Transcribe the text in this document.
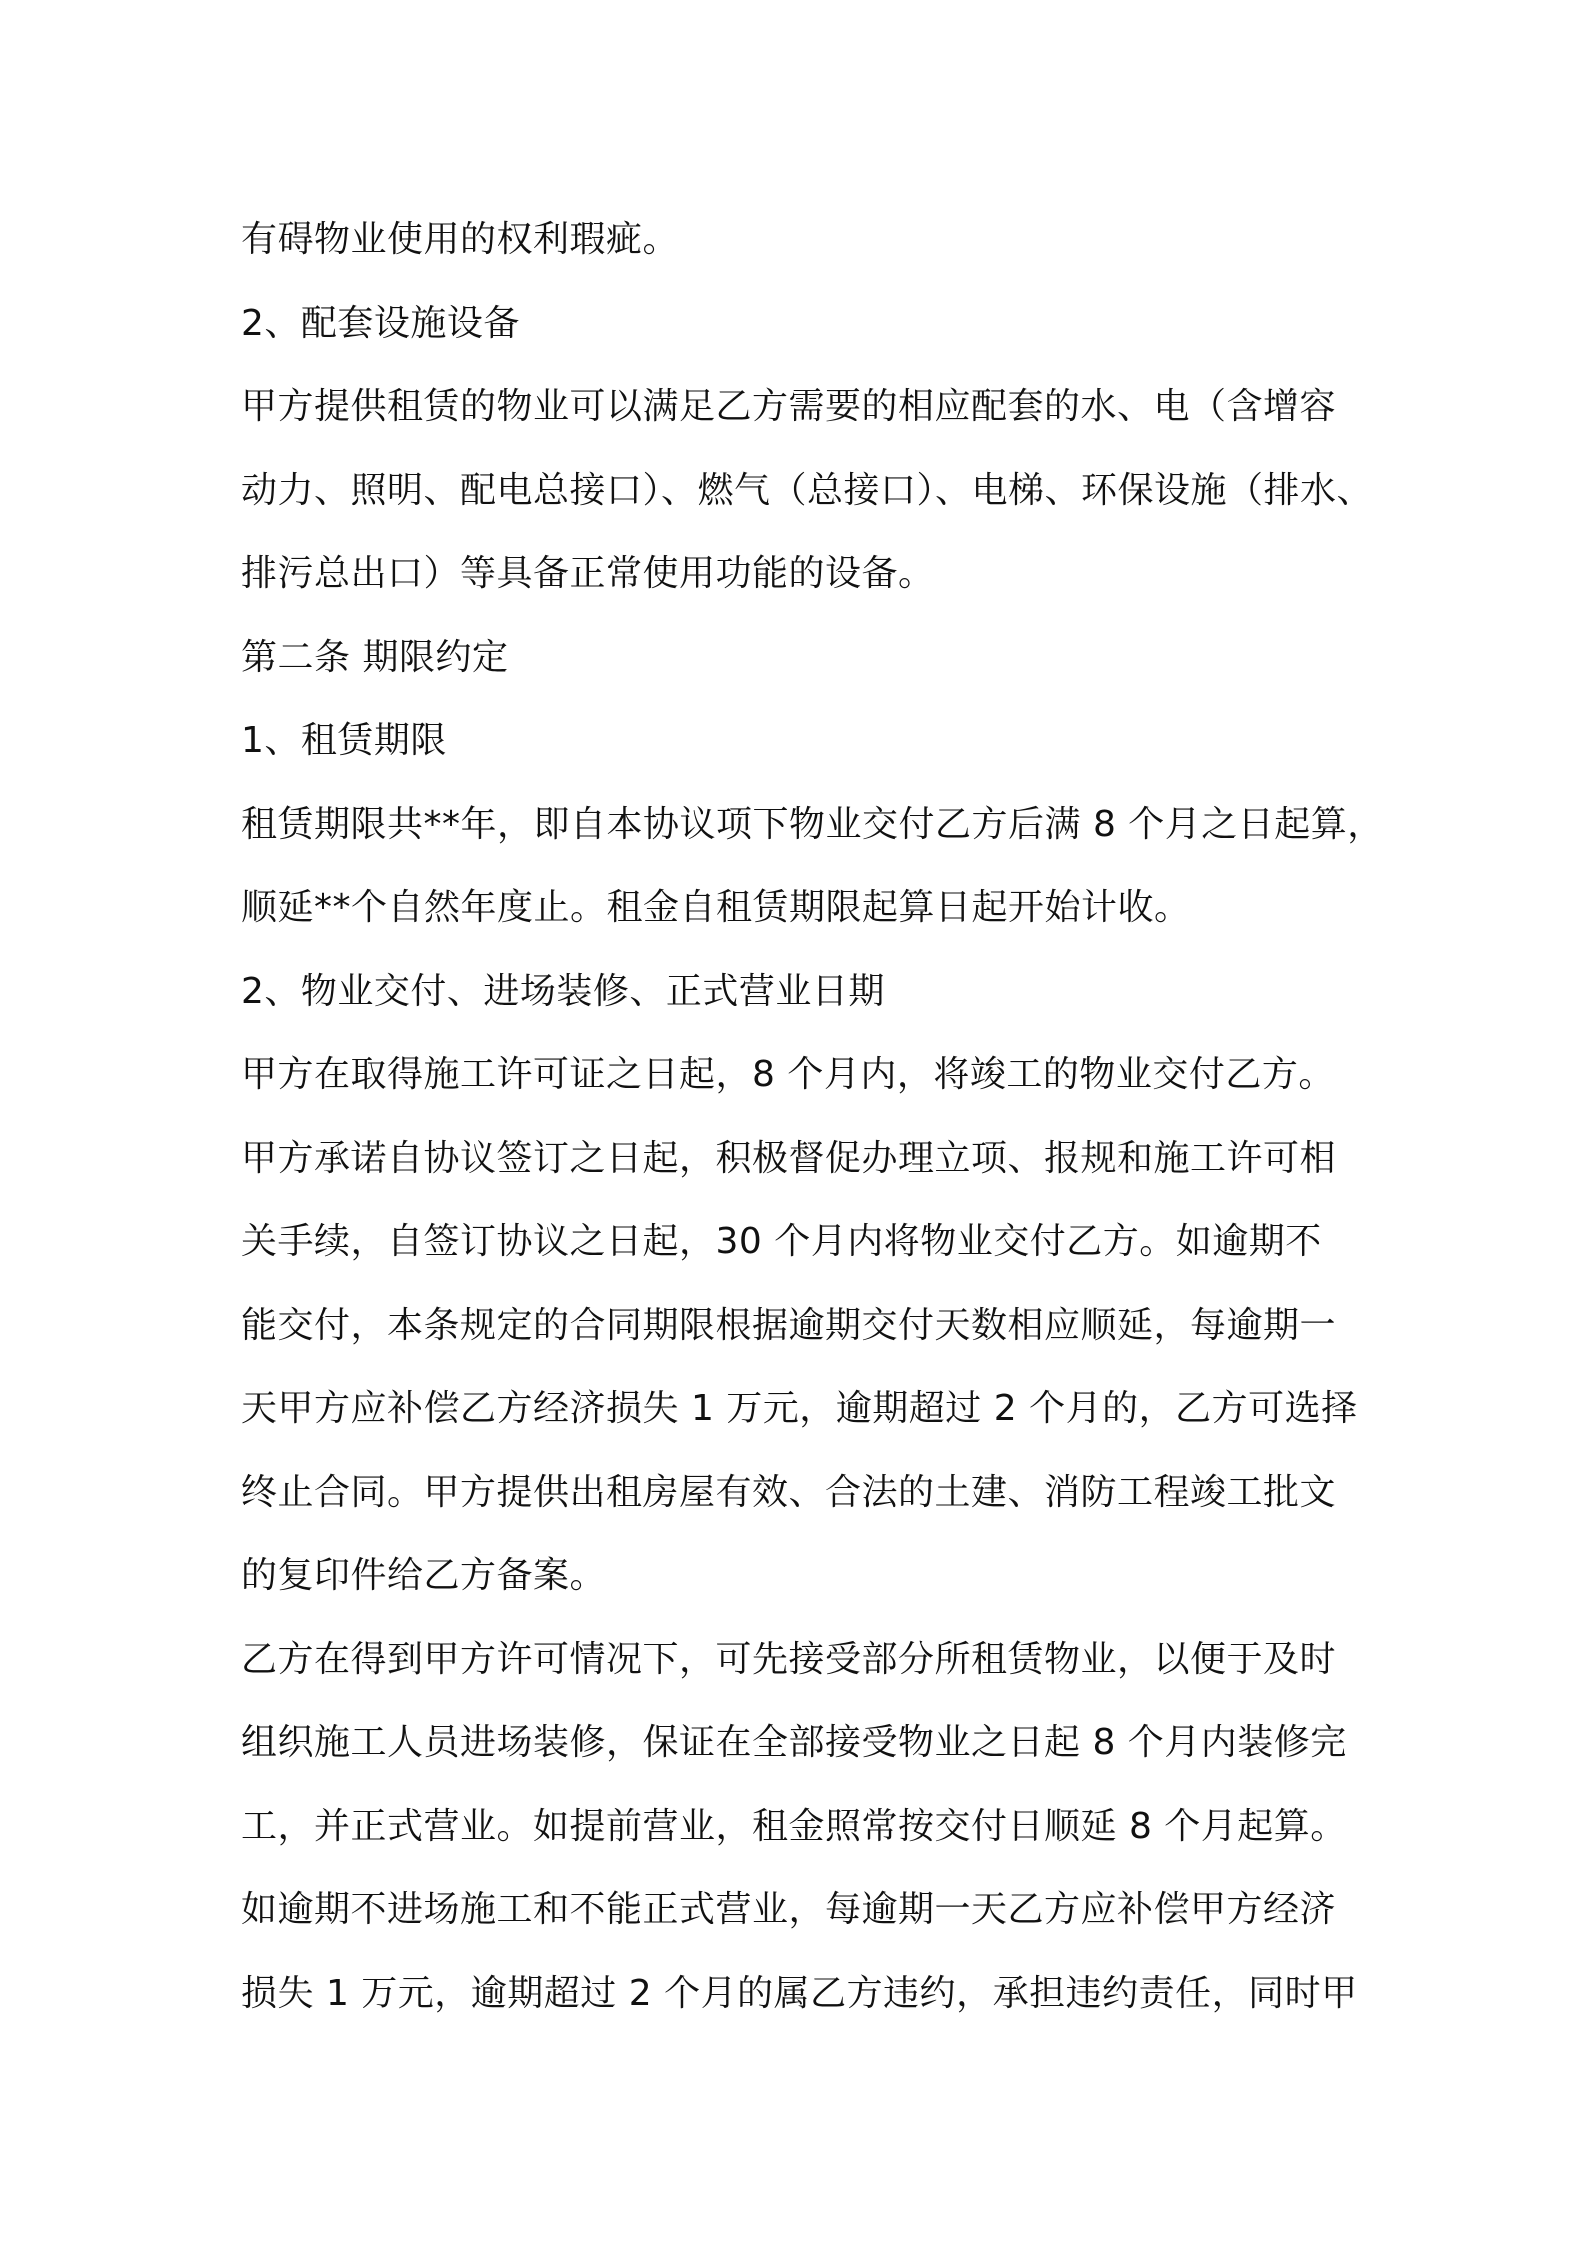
有碍物业使用的权利瑕疵。
2、配套设施设备
甲方提供租赁的物业可以满足乙方需要的相应配套的水、电（含增容
动力、照明、配电总接口）、燃气（总接口）、电梯、环保设施（排水、
排污总出口）等具备正常使用功能的设备。
第二条 期限约定
1、租赁期限
租赁期限共**年，即自本协议项下物业交付乙方后满 8 个月之日起算，
顺延**个自然年度止。租金自租赁期限起算日起开始计收。
2、物业交付、进场装修、正式营业日期
甲方在取得施工许可证之日起，8 个月内，将竣工的物业交付乙方。
甲方承诺自协议签订之日起，积极督促办理立项、报规和施工许可相
关手续，自签订协议之日起，30 个月内将物业交付乙方。如逾期不
能交付，本条规定的合同期限根据逾期交付天数相应顺延，每逾期一
天甲方应补偿乙方经济损失 1 万元，逾期超过 2 个月的，乙方可选择
终止合同。甲方提供出租房屋有效、合法的土建、消防工程竣工批文
的复印件给乙方备案。
乙方在得到甲方许可情况下，可先接受部分所租赁物业，以便于及时
组织施工人员进场装修，保证在全部接受物业之日起 8 个月内装修完
工，并正式营业。如提前营业，租金照常按交付日顺延 8 个月起算。
如逾期不进场施工和不能正式营业，每逾期一天乙方应补偿甲方经济
损失 1 万元，逾期超过 2 个月的属乙方违约，承担违约责任，同时甲
